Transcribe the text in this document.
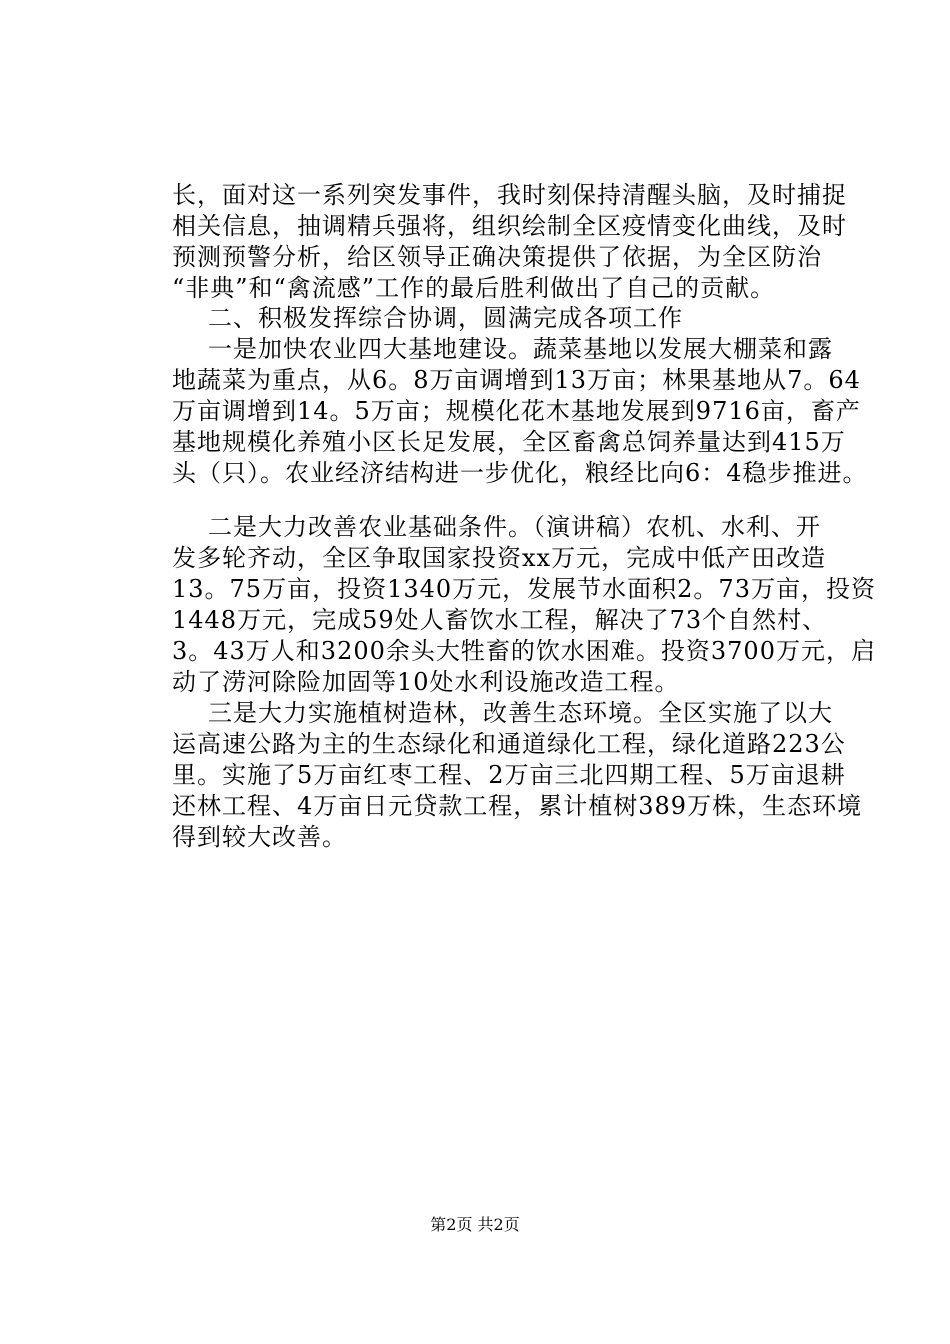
长，面对这一系列突发事件，我时刻保持清醒头脑，及时捕捉
相关信息，抽调精兵强将，组织绘制全区疫情变化曲线，及时
预测预警分析，给区领导正确决策提供了依据，为全区防治
“非典”和“禽流感”工作的最后胜利做出了自己的贡献。
二、积极发挥综合协调，圆满完成各项工作
一是加快农业四大基地建设。蔬菜基地以发展大棚菜和露
地蔬菜为重点，从6。8万亩调增到13万亩；林果基地从7。64
万亩调增到14。5万亩；规模化花木基地发展到9716亩，畜产
基地规模化养殖小区长足发展，全区畜禽总饲养量达到415万
头（只）。农业经济结构进一步优化，粮经比向6：4稳步推进。
二是大力改善农业基础条件。（演讲稿）农机、水利、开
发多轮齐动，全区争取国家投资xx万元，完成中低产田改造
13。75万亩，投资1340万元，发展节水面积2。73万亩，投资
1448万元，完成59处人畜饮水工程，解决了73个自然村、
3。43万人和3200余头大牲畜的饮水困难。投资3700万元，启
动了涝河除险加固等10处水利设施改造工程。
三是大力实施植树造林，改善生态环境。全区实施了以大
运高速公路为主的生态绿化和通道绿化工程，绿化道路223公
里。实施了5万亩红枣工程、2万亩三北四期工程、5万亩退耕
还林工程、4万亩日元贷款工程，累计植树389万株，生态环境
得到较大改善。
第2页 共2页
